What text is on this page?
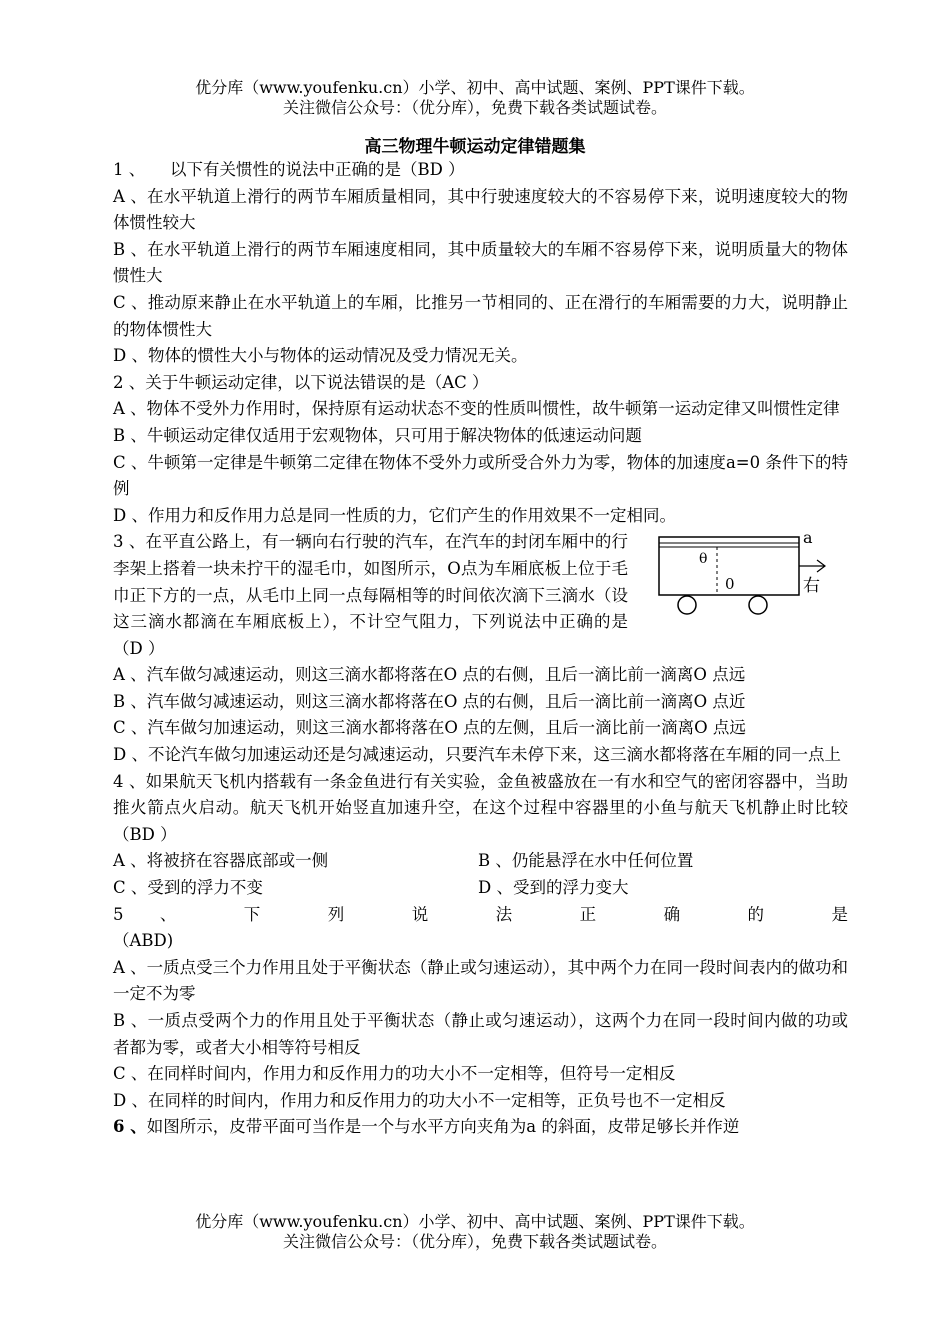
优分库（www.youfenku.cn）小学、初中、高中试题、案例、PPT课件下载。
关注微信公众号：（优分库），免费下载各类试题试卷。
高三物理牛顿运动定律错题集

1 、　　以下有关惯性的说法中正确的是（BD ）

A 、在水平轨道上滑行的两节车厢质量相同，其中行驶速度较大的不容易停下来，说明速度较大的物体惯性较大

B 、在水平轨道上滑行的两节车厢速度相同，其中质量较大的车厢不容易停下来，说明质量大的物体惯性大

C 、推动原来静止在水平轨道上的车厢，比推另一节相同的、正在滑行的车厢需要的力大，说明静止的物体惯性大

D 、物体的惯性大小与物体的运动情况及受力情况无关。

2 、关于牛顿运动定律，以下说法错误的是（AC ）

A 、物体不受外力作用时，保持原有运动状态不变的性质叫惯性，故牛顿第一运动定律又叫惯性定律

B 、牛顿运动定律仅适用于宏观物体，只可用于解决物体的低速运动问题

C 、牛顿第一定律是牛顿第二定律在物体不受外力或所受合外力为零，物体的加速度a=0 条件下的特例

D 、作用力和反作用力总是同一性质的力，它们产生的作用效果不一定相同。

3 、在平直公路上，有一辆向右行驶的汽车，在汽车的封闭车厢中的行李架上搭着一块未拧干的湿毛巾，如图所示，O点为车厢底板上位于毛巾正下方的一点，从毛巾上同一点每隔相等的时间依次滴下三滴水（设这三滴水都滴在车厢底板上），不计空气阻力，下列说法中正确的是（D ）

a
θ
0	右

A 、汽车做匀减速运动，则这三滴水都将落在O 点的右侧，且后一滴比前一滴离O 点远

B 、汽车做匀减速运动，则这三滴水都将落在O 点的右侧，且后一滴比前一滴离O 点近

C 、汽车做匀加速运动，则这三滴水都将落在O 点的左侧，且后一滴比前一滴离O 点远

D 、不论汽车做匀加速运动还是匀减速运动，只要汽车未停下来，这三滴水都将落在车厢的同一点上

4 、如果航天飞机内搭载有一条金鱼进行有关实验，金鱼被盛放在一有水和空气的密闭容器中，当助推火箭点火启动。航天飞机开始竖直加速升空，在这个过程中容器里的小鱼与航天飞机静止时比较（BD ）

A 、将被挤在容器底部或一侧	B 、仍能悬浮在水中任何位置
C 、受到的浮力不变	D 、受到的浮力变大

5 、 下 列 说 法 正 确 的 是

（ABD)

A 、一质点受三个力作用且处于平衡状态（静止或匀速运动），其中两个力在同一段时间表内的做功和一定不为零

B 、一质点受两个力的作用且处于平衡状态（静止或匀速运动），这两个力在同一段时间内做的功或者都为零，或者大小相等符号相反

C 、在同样时间内，作用力和反作用力的功大小不一定相等，但符号一定相反

D 、在同样的时间内，作用力和反作用力的功大小不一定相等，正负号也不一定相反

6 、如图所示，皮带平面可当作是一个与水平方向夹角为a 的斜面，皮带足够长并作逆

优分库（www.youfenku.cn）小学、初中、高中试题、案例、PPT课件下载。
关注微信公众号：（优分库），免费下载各类试题试卷。
